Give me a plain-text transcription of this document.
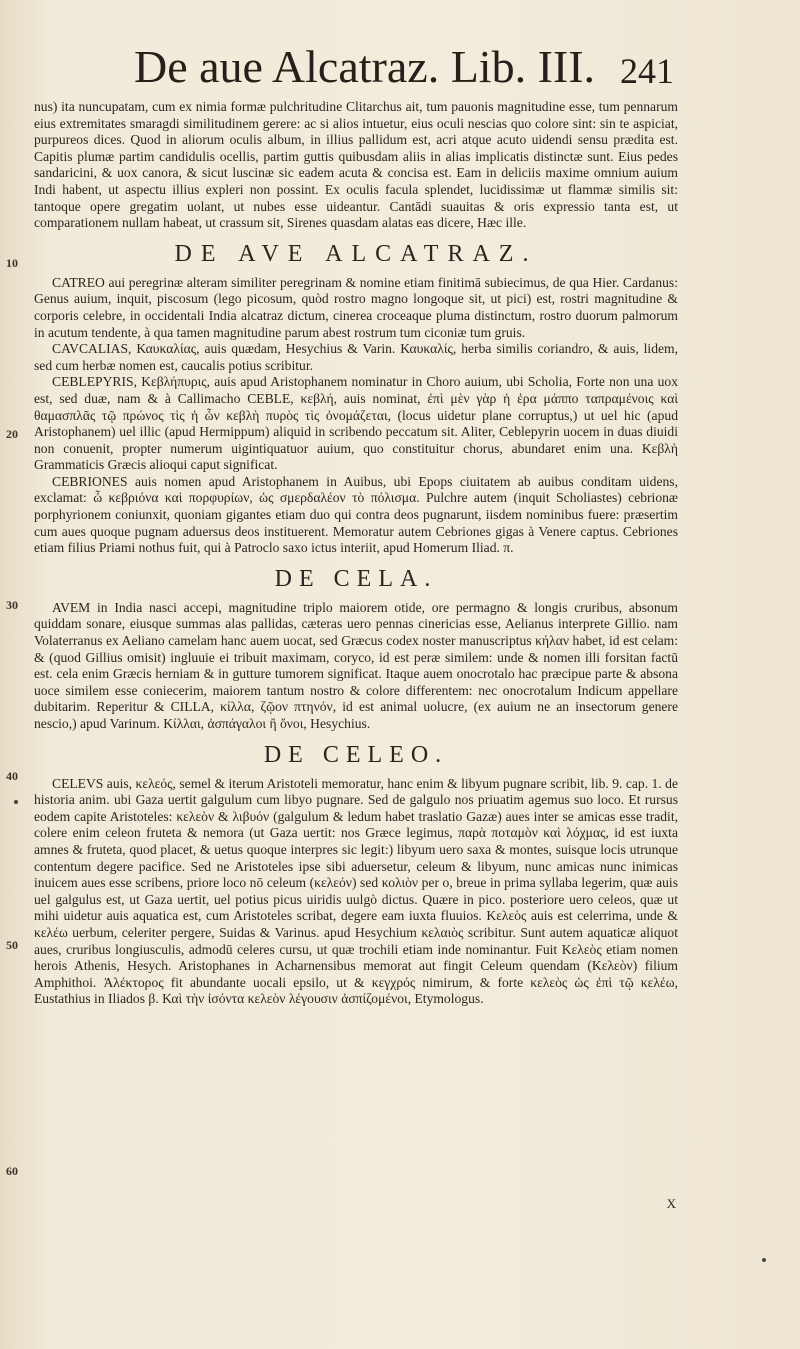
De aue Alcatraz. Lib. III. 241
10
20
30
40
50
60

nus) ita nuncupatam, cum ex nimia formæ pulchritudine Clitarchus ait, tum pauonis magnitudine esse, tum pennarum eius extremitates smaragdi similitudinem gerere: ac si alios intuetur, eius oculi nescias quo colore sint: sin te aspiciat, purpureos dices. Quod in aliorum oculis album, in illius pallidum est, acri atque acuto uidendi sensu prædita est. Capitis plumæ partim candidulis ocellis, partim guttis quibusdam aliis in alias implicatis distinctæ sunt. Eius pedes sandaricini, & uox canora, & sicut luscinæ sic eadem acuta & concisa est. Eam in deliciis maxime omnium auium Indi habent, ut aspectu illius expleri non possint. Ex oculis facula splendet, lucidissimæ ut flammæ similis sit: tantoque opere gregatim uolant, ut nubes esse uideantur. Cantādi suauitas & oris expressio tanta est, ut comparationem nullam habeat, ut crassum sit, Sirenes quasdam alatas eas dicere, Hæc ille.

DE AVE ALCATRAZ.

CATREO aui peregrinæ alteram similiter peregrinam & nomine etiam finitimā subiecimus, de qua Hier. Cardanus: Genus auium, inquit, piscosum (lego picosum, quòd rostro magno longoque sit, ut pici) est, rostri magnitudine & corporis celebre, in occidentali India alcatraz dictum, cinerea croceaque pluma distinctum, rostro duorum palmorum in acutum tendente, à qua tamen magnitudine parum abest rostrum tum ciconiæ tum gruis.

CAVCALIAS, Καυκαλίας, auis quædam, Hesychius & Varin. Καυκαλίς, herba similis coriandro, & auis, lidem, sed cum herbæ nomen est, caucalis potius scribitur.

CEBLEPYRIS, Κεβλήπυρις, auis apud Aristophanem nominatur in Choro auium, ubi Scholia, Forte non una uox est, sed duæ, nam & à Callimacho CEBLE, κεβλή, auis nominat, ἐπὶ μὲν γὰρ ἡ ἐρα μάππο ταπραμένοις καὶ θαμασπλᾶς τῷ πρώνος τὶς ἡ ὧν κεβλὴ πυρὸς τὶς ὀνομάζεται, (locus uidetur plane corruptus,) ut uel hic (apud Aristophanem) uel illic (apud Hermippum) aliquid in scribendo peccatum sit. Aliter, Ceblepyrin uocem in duas diuidi non conuenit, propter numerum uigintiquatuor auium, quo constituitur chorus, abundaret enim una. Κεβλὴ Grammaticis Græcis alioqui caput significat.

CEBRIONES auis nomen apud Aristophanem in Auibus, ubi Epops ciuitatem ab auibus conditam uidens, exclamat: ὦ κεβριόνα καὶ πορφυρίων, ὡς σμερδαλέον τὸ πόλισμα. Pulchre autem (inquit Scholiastes) cebrionæ porphyrionem coniunxit, quoniam gigantes etiam duo qui contra deos pugnarunt, iisdem nominibus fuere: præsertim cum aues quoque pugnam aduersus deos instituerent. Memoratur autem Cebriones gigas à Venere captus. Cebriones etiam filius Priami nothus fuit, qui à Patroclo saxo ictus interiit, apud Homerum Iliad. π.

DE CELA.

AVEM in India nasci accepi, magnitudine triplo maiorem otide, ore permagno & longis cruribus, absonum quiddam sonare, eiusque summas alas pallidas, cæteras uero pennas cinericias esse, Aelianus interprete Gillio. nam Volaterranus ex Aeliano camelam hanc auem uocat, sed Græcus codex noster manuscriptus κήλαν habet, id est celam: & (quod Gillius omisit) ingluuie ei tribuit maximam, coryco, id est peræ similem: unde & nomen illi forsitan factū est. cela enim Græcis herniam & in gutture tumorem significat. Itaque auem onocrotalo hac præcipue parte & absona uoce similem esse coniecerim, maiorem tantum nostro & colore differentem: nec onocrotalum Indicum appellare dubitarim. Reperitur & CILLA, κίλλα, ζῷον πτηνόν, id est animal uolucre, (ex auium ne an insectorum genere nescio,) apud Varinum. Κίλλαι, ἀσπάγαλοι ἢ ὄνοι, Hesychius.

DE CELEO.

CELEVS auis, κελεός, semel & iterum Aristoteli memoratur, hanc enim & libyum pugnare scribit, lib. 9. cap. 1. de historia anim. ubi Gaza uertit galgulum cum libyo pugnare. Sed de galgulo nos priuatim agemus suo loco. Et rursus eodem capite Aristoteles: κελεὸν & λιβυόν (galgulum & ledum habet traslatio Gazæ) aues inter se amicas esse tradit, colere enim celeon fruteta & nemora (ut Gaza uertit: nos Græce legimus, παρὰ ποταμὸν καὶ λόχμας, id est iuxta amnes & fruteta, quod placet, & uetus quoque interpres sic legit:) libyum uero saxa & montes, suisque locis utrunque contentum degere pacifice. Sed ne Aristoteles ipse sibi aduersetur, celeum & libyum, nunc amicas nunc inimicas inuicem aues esse scribens, priore loco nō celeum (κελεόν) sed κολιὸν per o, breue in prima syllaba legerim, quæ auis uel galgulus est, ut Gaza uertit, uel potius picus uiridis uulgò dictus. Quære in pico. posteriore uero celeos, quæ ut mihi uidetur auis aquatica est, cum Aristoteles scribat, degere eam iuxta fluuios. Κελεὸς auis est celerrima, unde & κελέω uerbum, celeriter pergere, Suidas & Varinus. apud Hesychium κελαιὸς scribitur. Sunt autem aquaticæ aliquot aues, cruribus longiusculis, admodū celeres cursu, ut quæ trochili etiam inde nominantur. Fuit Κελεὸς etiam nomen herois Athenis, Hesych. Aristophanes in Acharnensibus memorat aut fingit Celeum quendam (Κελεὸν) filium Amphithoi. Ἀλέκτορος fit abundante uocali epsilo, ut & κεγχρός nimirum, & forte κελεὸς ὡς ἐπὶ τῷ κελέω, Eustathius in Iliados β. Καὶ τὴν ἰσόντα κελεὸν λέγουσιν ἀσπίζομένοι, Etymologus.

X
